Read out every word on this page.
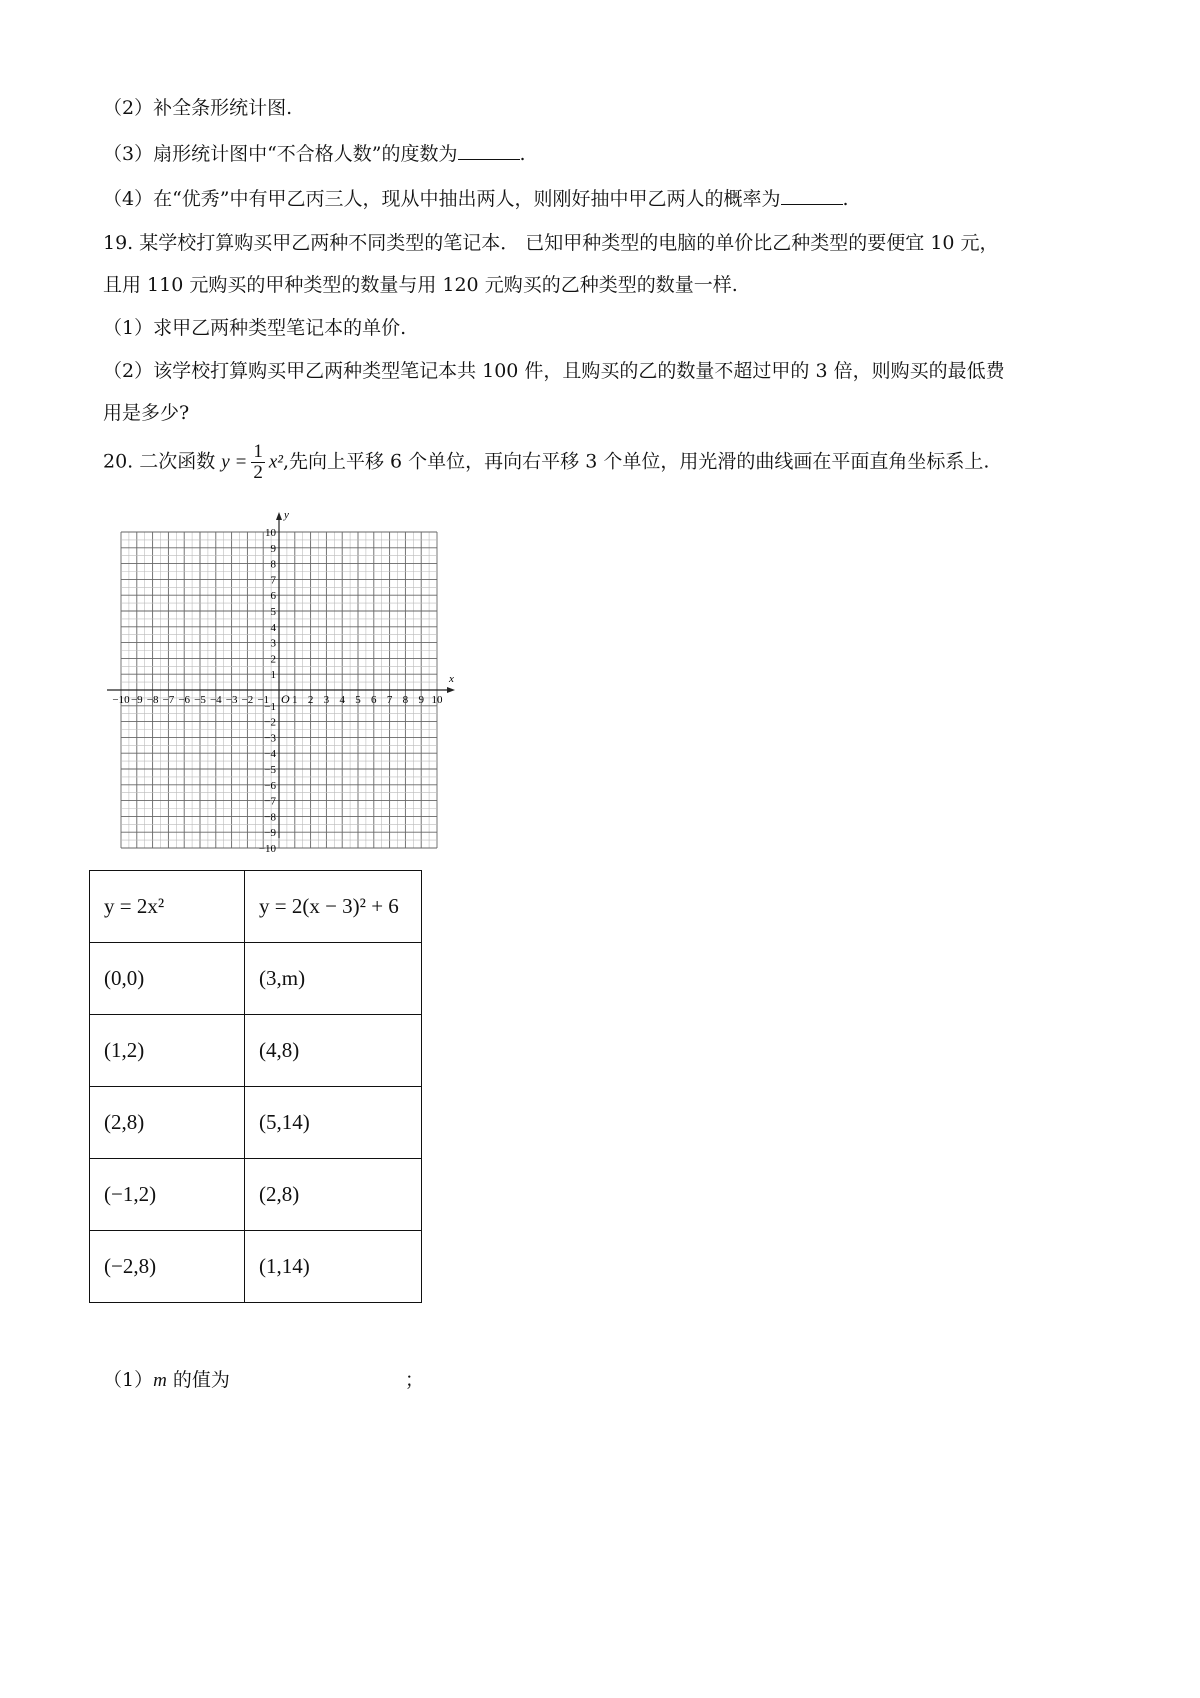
（2）补全条形统计图.
（3）扇形统计图中“不合格人数”的度数为	.
（4）在“优秀”中有甲乙丙三人，现从中抽出两人，则刚好抽中甲乙两人的概率为	.
19. 某学校打算购买甲乙两种不同类型的笔记本． 已知甲种类型的电脑的单价比乙种类型的要便宜 10 元，
且用 110 元购买的甲种类型的数量与用 120 元购买的乙种类型的数量一样.
（1）求甲乙两种类型笔记本的单价.
（2）该学校打算购买甲乙两种类型笔记本共 100 件，且购买的乙的数量不超过甲的 3 倍，则购买的最低费
用是多少?
20. 二次函数 $y = \frac{1}{2} x^2$,先向上平移 6 个单位，再向右平移 3 个单位，用光滑的曲线画在平面直角坐标系上.
x
y
O
−10 −9 −8 −7 −6 −5 −4 −3 −2 −1 1 2 3 4 5 6 7 8 9 10
−10
−9
−8
−7
−6
−5
−4
−3
−2
−1
1
2
3
4
5
6
7
8
9
10
y = 2x²	y = 2(x − 3)² + 6
(0,0)	(3,m)
(1,2)	(4,8)
(2,8)	(5,14)
(−1,2)	(2,8)
(−2,8)	(1,14)
（1）m 的值为	；
